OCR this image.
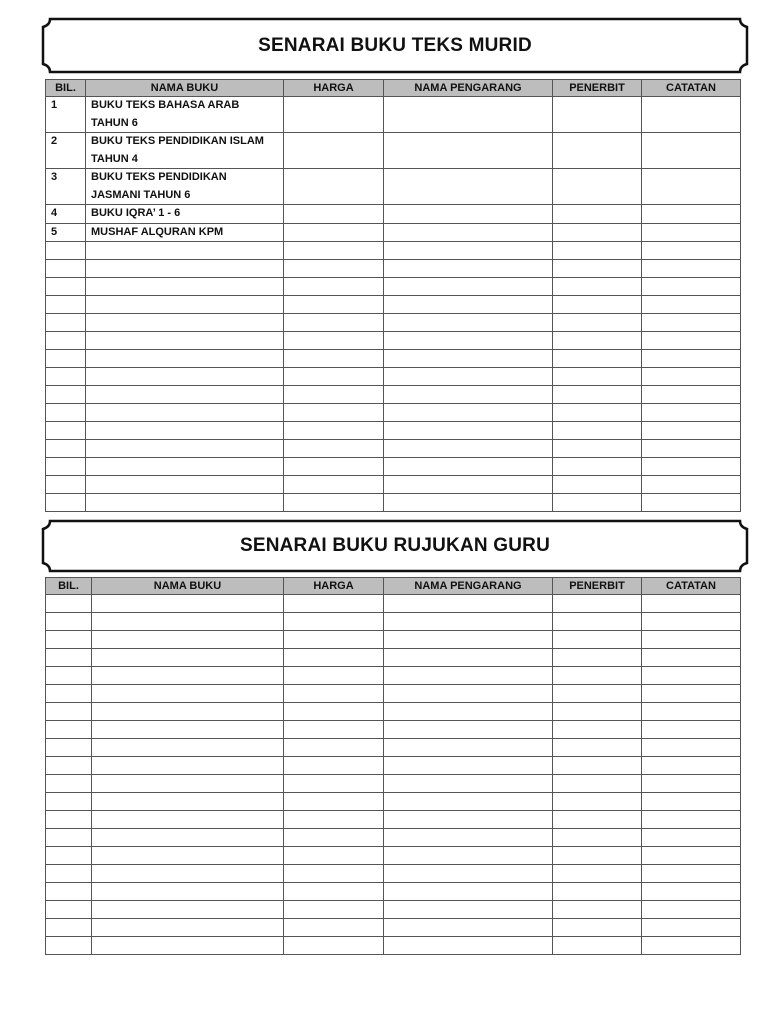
SENARAI BUKU TEKS MURID
BIL.	NAMA BUKU	HARGA	NAMA PENGARANG	PENERBIT	CATATAN
1	BUKU TEKS BAHASA ARAB TAHUN 6				
2	BUKU TEKS PENDIDIKAN ISLAM TAHUN 4				
3	BUKU TEKS PENDIDIKAN JASMANI TAHUN 6				
4	BUKU IQRA’ 1 - 6				
5	MUSHAF ALQURAN KPM				

SENARAI BUKU RUJUKAN GURU
BIL.	NAMA BUKU	HARGA	NAMA PENGARANG	PENERBIT	CATATAN
